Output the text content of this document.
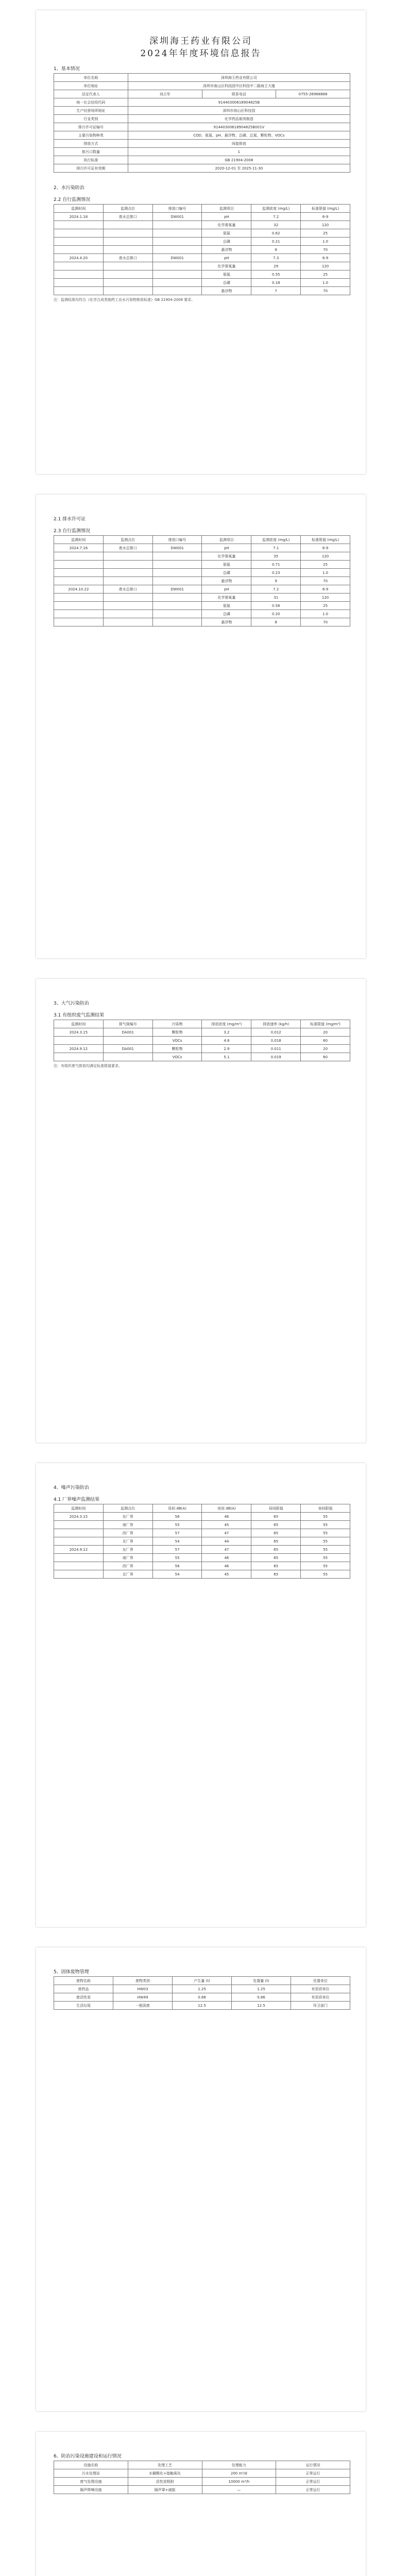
深圳海王药业有限公司
2024年年度环境信息报告
1、基本情况
单位名称	深圳海王药业有限公司		
单位地址	深圳市南山区科技园中区科技中二路海王大厦		
法定代表人	刘占军	联系电话	0755-26968888
统一社会信用代码	91440300618904825B		
生产经营场所地址	深圳市南山区科技园		
行业类别	化学药品制剂制造		
排污许可证编号	91440300618904825B001V		
主要污染物种类	COD、氨氮、pH、悬浮物、总磷、总氮、颗粒物、VOCs		
排放方式	间接排放		
排污口数量	1		
执行标准	GB 21904-2008		
排污许可证有效期	2020-12-01 至 2025-11-30		
2、水污染防治
2.2 自行监测情况
监测时间	监测点位	排放口编号	监测项目	监测浓度 (mg/L)	标准限值 (mg/L)
2024.1.18	废水总排口	DW001	pH	7.2	6-9
			化学需氧量	32	120
			氨氮	0.62	25
			总磷	0.21	1.0
			悬浮物	8	70
2024.4.20	废水总排口	DW001	pH	7.3	6-9
			化学需氧量	29	120
			氨氮	0.55	25
			总磷	0.18	1.0
			悬浮物	7	70
注：监测结果均符合《化学合成类制药工业水污染物排放标准》GB 21904-2008 要求。
2.1 排水许可证
2.3 自行监测情况
监测时间	监测点位	排放口编号	监测项目	监测浓度 (mg/L)	标准限值 (mg/L)
2024.7.16	废水总排口	DW001	pH	7.1	6-9
			化学需氧量	35	120
			氨氮	0.71	25
			总磷	0.23	1.0
			悬浮物	9	70
2024.10.22	废水总排口	DW001	pH	7.2	6-9
			化学需氧量	31	120
			氨氮	0.58	25
			总磷	0.20	1.0
			悬浮物	8	70
3、大气污染防治
3.1 有组织废气监测结果
监测时间	排气筒编号	污染物	排放浓度 (mg/m³)	排放速率 (kg/h)	标准限值 (mg/m³)
2024.3.15	DA001	颗粒物	3.2	0.012	20
		VOCs	4.8	0.018	60
2024.9.12	DA001	颗粒物	2.9	0.011	20
		VOCs	5.1	0.019	60
注：有组织废气排放均满足标准限值要求。
4、噪声污染防治
4.1 厂界噪声监测结果
监测时间	监测点位	昼间 dB(A)	夜间 dB(A)	昼间限值	夜间限值
2024.3.15	东厂界	56	46	65	55
	南厂界	55	45	65	55
	西厂界	57	47	65	55
	北厂界	54	44	65	55
2024.9.12	东厂界	57	47	65	55
	南厂界	55	46	65	55
	西厂界	56	46	65	55
	北厂界	54	45	65	55
5、固体废物管理
废物名称	废物类别	产生量 (t)	处置量 (t)	处置单位
废药品	HW03	1.25	1.25	有资质单位
废活性炭	HW49	0.86	0.86	有资质单位
生活垃圾	一般固废	12.5	12.5	环卫部门
6、防治污染设施建设和运行情况
设施名称	处理工艺	处理能力	运行情况
污水处理站	水解酸化+接触氧化	200 m³/d	正常运行
废气处理设施	活性炭吸附	10000 m³/h	正常运行
隔声降噪设施	隔声罩+减振	—	正常运行
